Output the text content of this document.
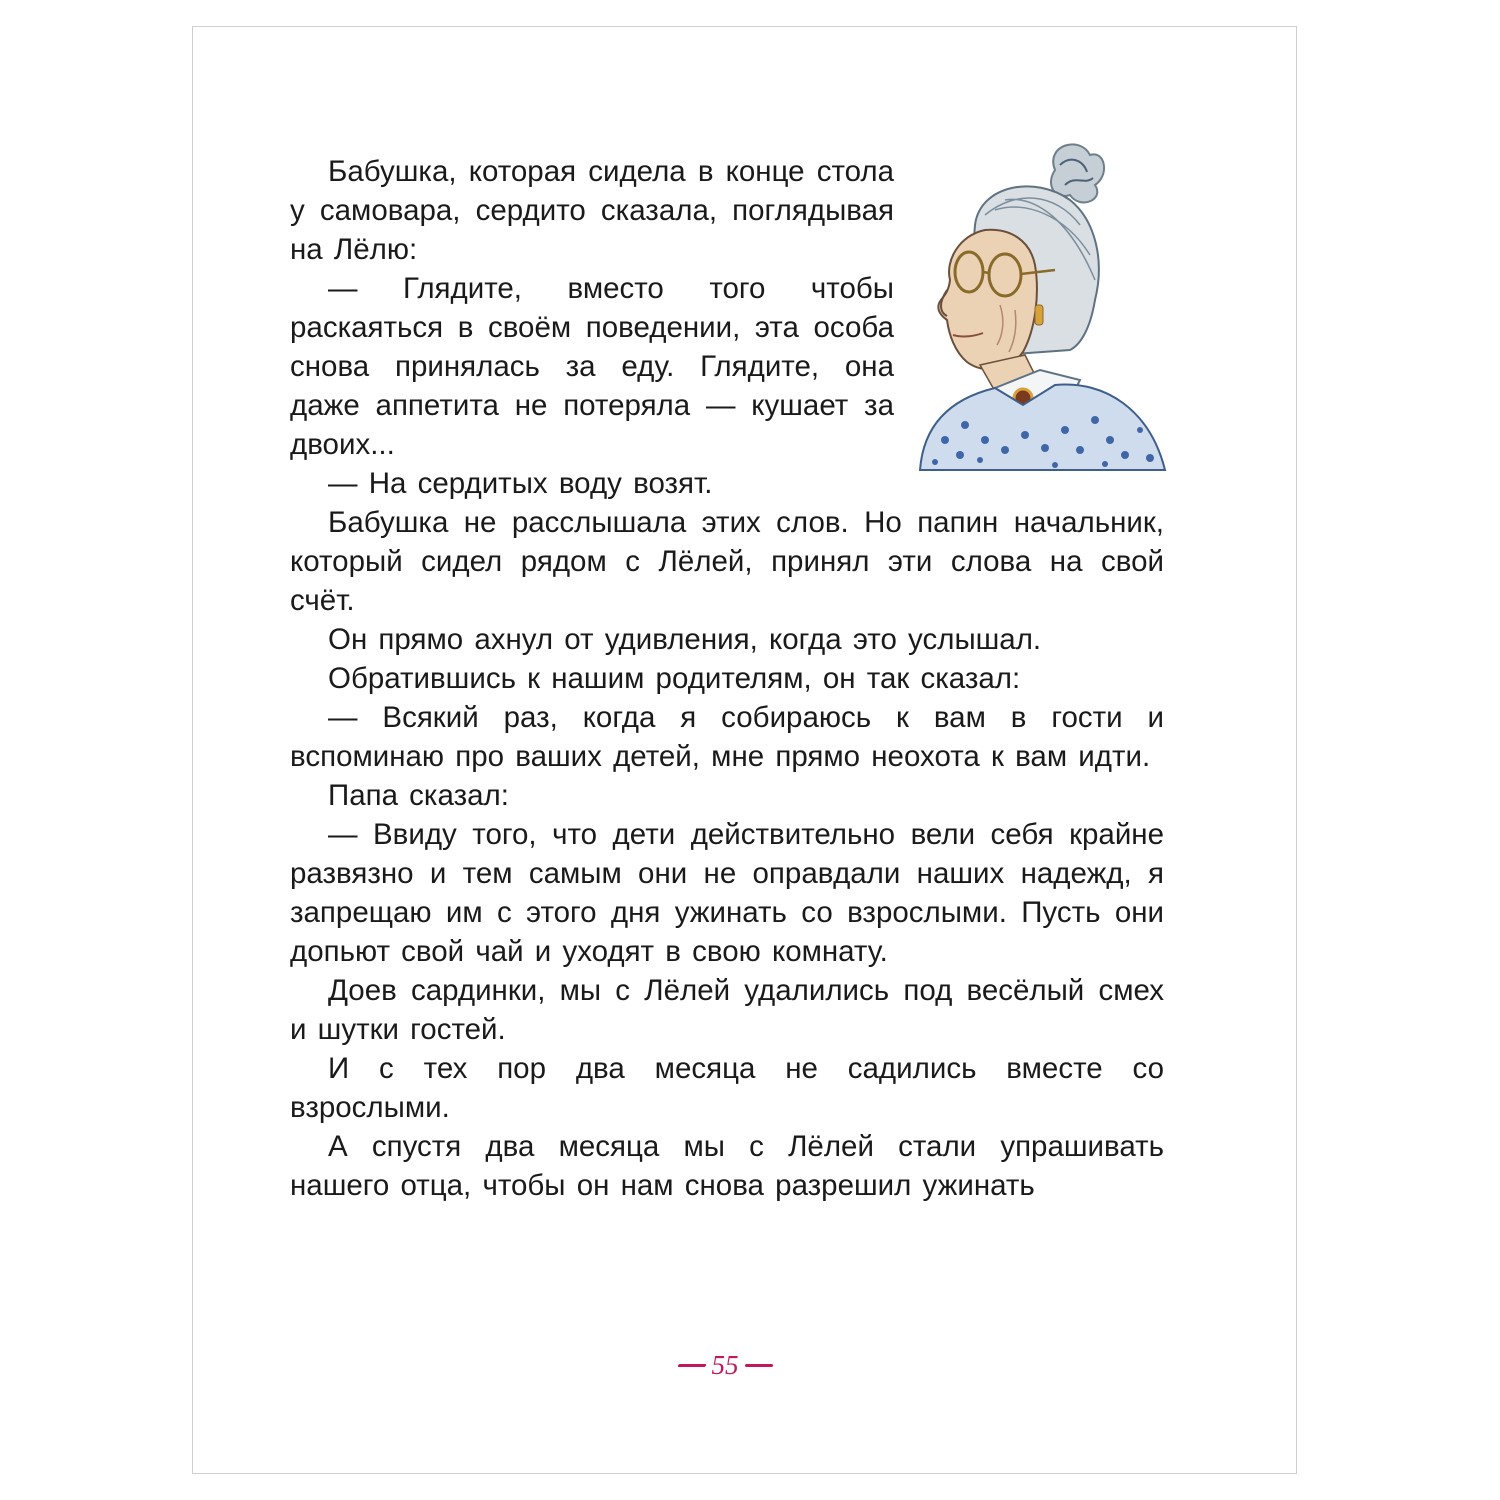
Бабушка, которая сидела в конце стола у самовара, сердито сказала, поглядывая на Лёлю:

— Глядите, вместо того чтобы раскаяться в своём поведении, эта особа снова принялась за еду. Глядите, она даже аппетита не потеряла — кушает за двоих...

— На сердитых воду возят.

Бабушка не расслышала этих слов. Но папин начальник, который сидел рядом с Лёлей, принял эти слова на свой счёт.

Он прямо ахнул от удивления, когда это услышал.

Обратившись к нашим родителям, он так сказал:

— Всякий раз, когда я собираюсь к вам в гости и вспоминаю про ваших детей, мне прямо неохота к вам идти.

Папа сказал:

— Ввиду того, что дети действительно вели себя крайне развязно и тем самым они не оправдали наших надежд, я запрещаю им с этого дня ужинать со взрослыми. Пусть они допьют свой чай и уходят в свою комнату.

Доев сардинки, мы с Лёлей удалились под весёлый смех и шутки гостей.

И с тех пор два месяца не садились вместе со взрослыми.

А спустя два месяца мы с Лёлей стали упрашивать нашего отца, чтобы он нам снова разрешил ужинать

55
